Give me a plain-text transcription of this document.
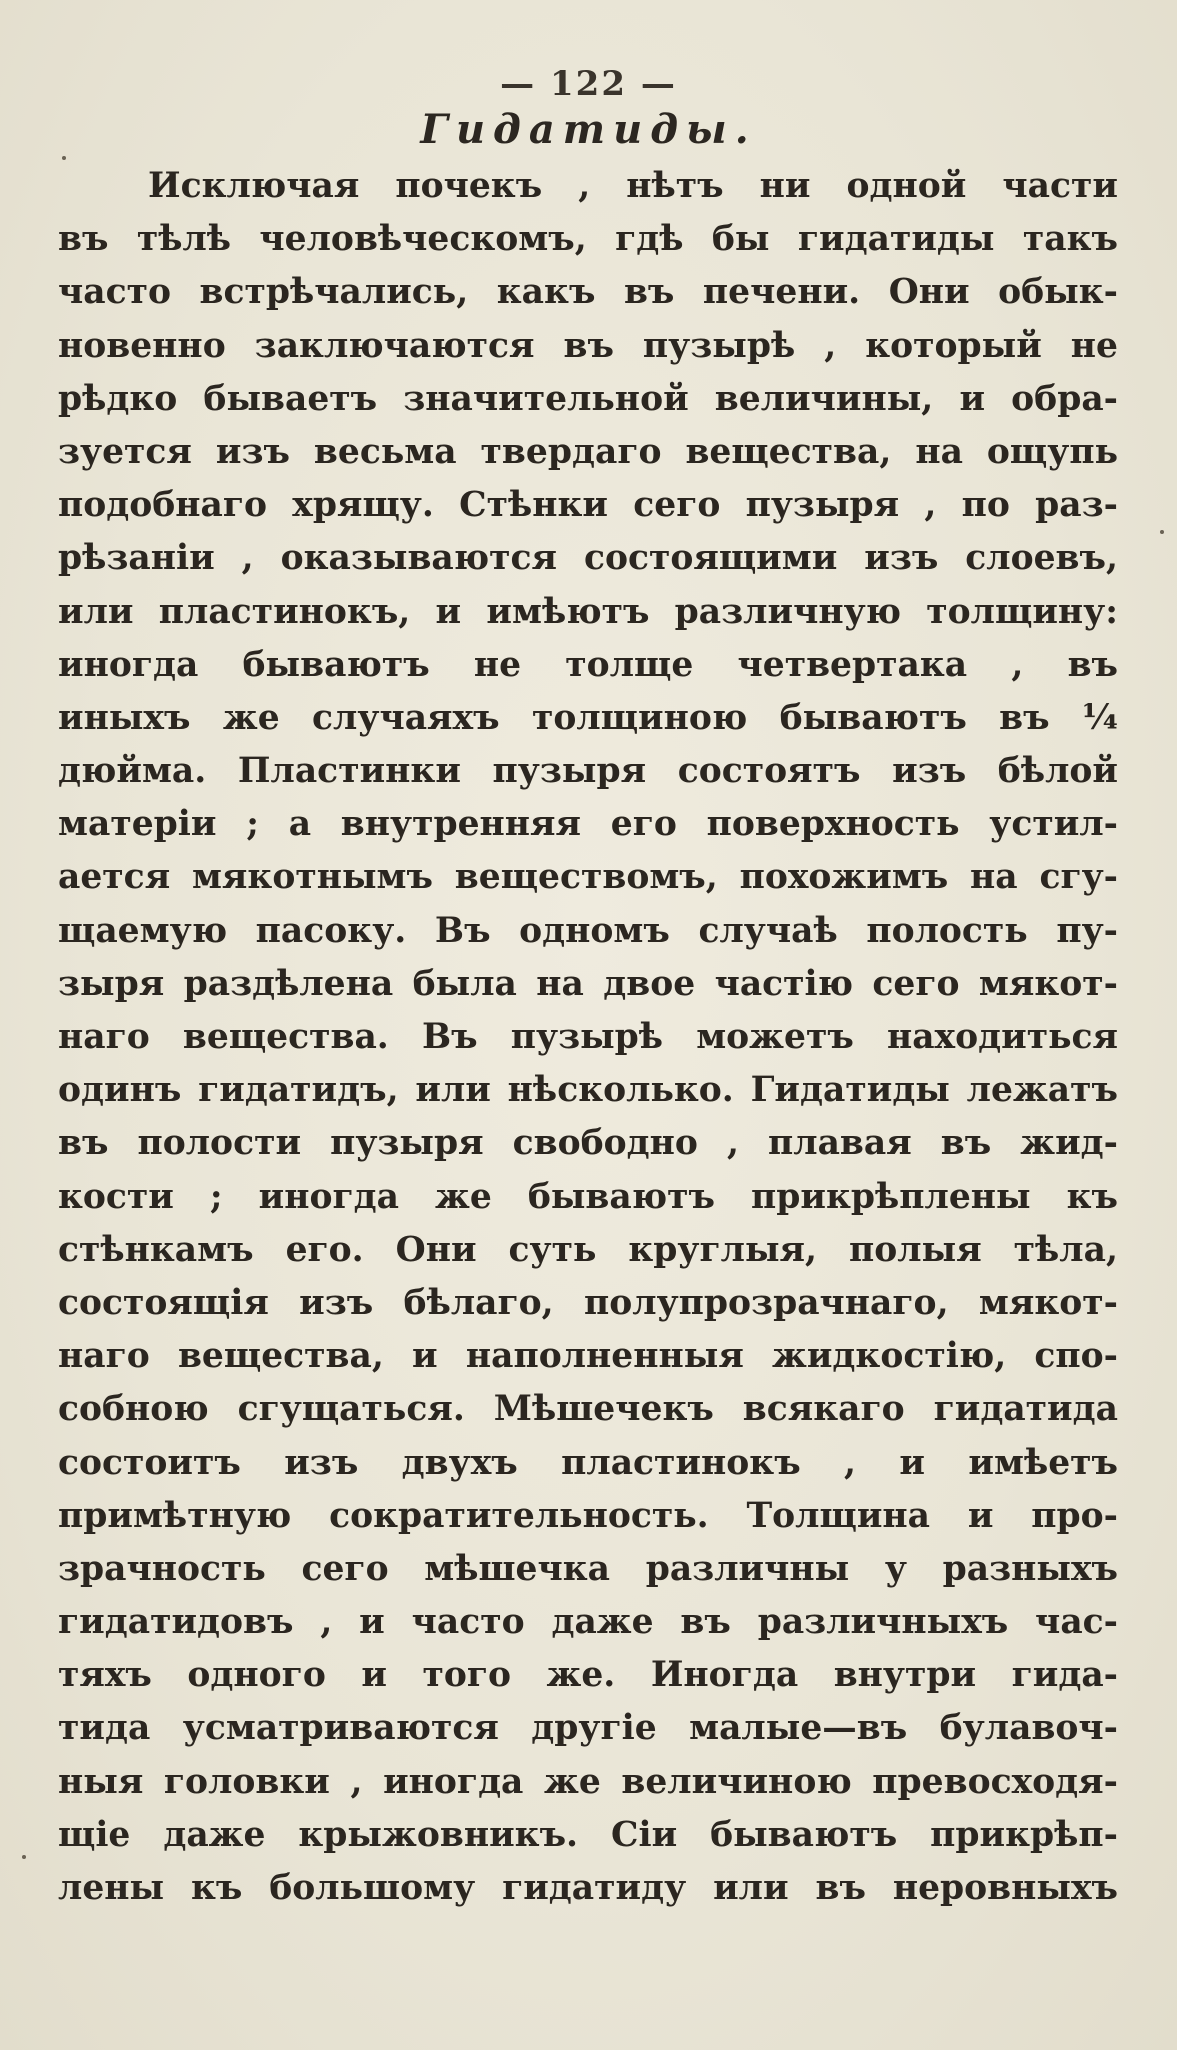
— 122 —
Гидатиды.
Исключая почекъ , нѣтъ ни одной части
въ тѣлѣ человѣческомъ, гдѣ бы гидатиды такъ
часто встрѣчались, какъ въ печени. Они обык-
новенно заключаются въ пузырѣ , который не
рѣдко бываетъ значительной величины, и обра-
зуется изъ весьма твердаго вещества, на ощупь
подобнаго хрящу. Стѣнки сего пузыря , по раз-
рѣзаніи , оказываются состоящими изъ слоевъ,
или пластинокъ, и имѣютъ различную толщину:
иногда бываютъ не толще четвертака , въ
иныхъ же случаяхъ толщиною бываютъ въ ¼
дюйма. Пластинки пузыря состоятъ изъ бѣлой
матеріи ; а внутренняя его поверхность устил-
ается мякотнымъ веществомъ, похожимъ на сгу-
щаемую пасоку. Въ одномъ случаѣ полость пу-
зыря раздѣлена была на двое частію сего мякот-
наго вещества. Въ пузырѣ можетъ находиться
одинъ гидатидъ, или нѣсколько. Гидатиды лежатъ
въ полости пузыря свободно , плавая въ жид-
кости ; иногда же бываютъ прикрѣплены къ
стѣнкамъ его. Они суть круглыя, полыя тѣла,
состоящія изъ бѣлаго, полупрозрачнаго, мякот-
наго вещества, и наполненныя жидкостію, спо-
собною сгущаться. Мѣшечекъ всякаго гидатида
состоитъ изъ двухъ пластинокъ , и имѣетъ
примѣтную сократительность. Толщина и про-
зрачность сего мѣшечка различны у разныхъ
гидатидовъ , и часто даже въ различныхъ час-
тяхъ одного и того же. Иногда внутри гида-
тида усматриваются другіе малые—въ булавоч-
ныя головки , иногда же величиною превосходя-
щіе даже крыжовникъ. Сіи бываютъ прикрѣп-
лены къ большому гидатиду или въ неровныхъ
